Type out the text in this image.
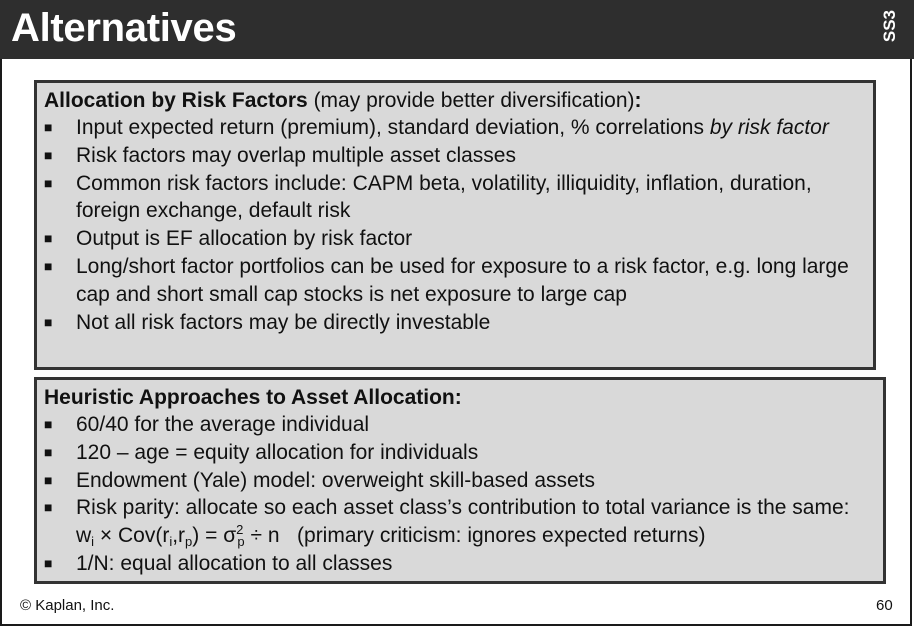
Alternatives	SS3

Allocation by Risk Factors (may provide better diversification):

■ Input expected return (premium), standard deviation, % correlations by risk factor
■ Risk factors may overlap multiple asset classes
■ Common risk factors include: CAPM beta, volatility, illiquidity, inflation, duration, foreign exchange, default risk
■ Output is EF allocation by risk factor
■ Long/short factor portfolios can be used for exposure to a risk factor, e.g. long large cap and short small cap stocks is net exposure to large cap
■ Not all risk factors may be directly investable

Heuristic Approaches to Asset Allocation:

■ 60/40 for the average individual
■ 120 – age = equity allocation for individuals
■ Endowment (Yale) model: overweight skill-based assets
■ Risk parity: allocate so each asset class’s contribution to total variance is the same: $w_i \times Cov(r_i,r_p) = \sigma^2_p \div n$   (primary criticism: ignores expected returns)
■ 1/N: equal allocation to all classes
© Kaplan, Inc.	60
